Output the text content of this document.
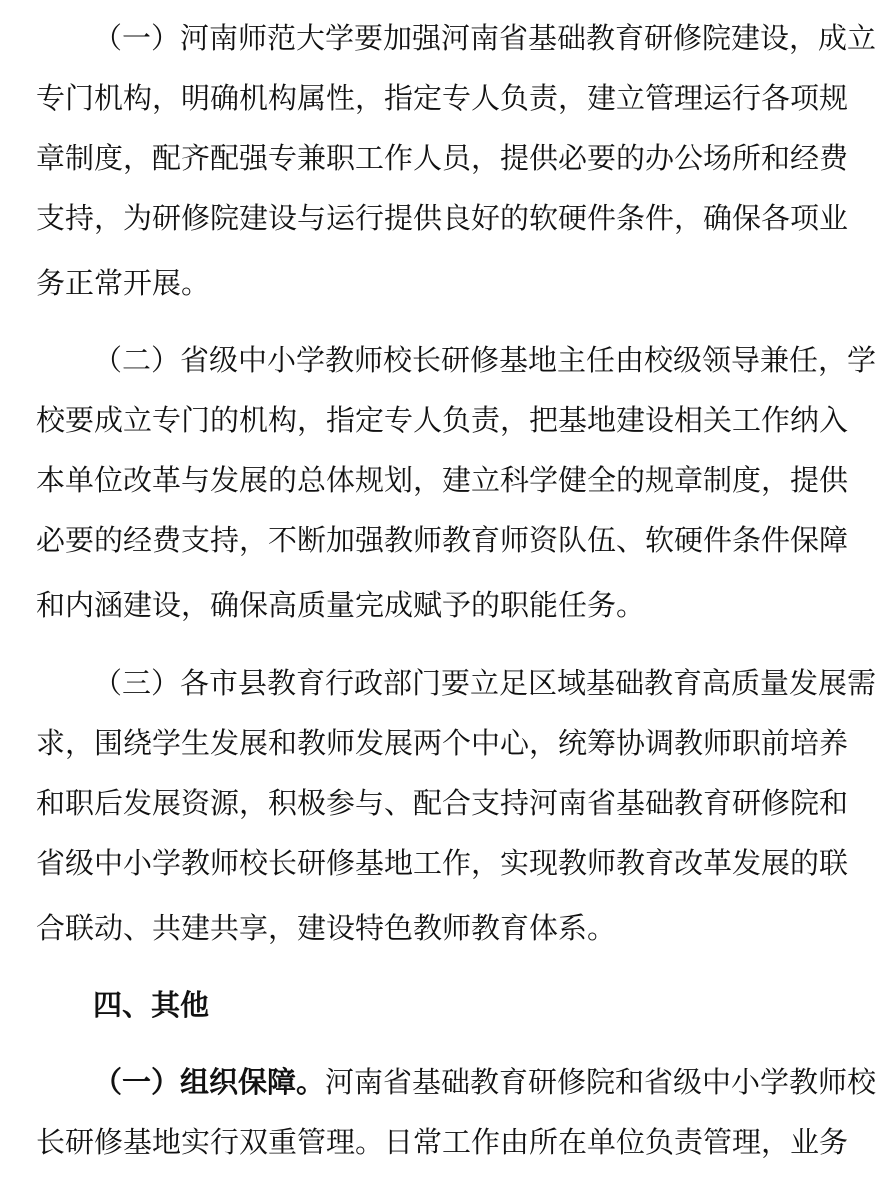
（一）河南师范大学要加强河南省基础教育研修院建设，成立
专门机构，明确机构属性，指定专人负责，建立管理运行各项规
章制度，配齐配强专兼职工作人员，提供必要的办公场所和经费
支持，为研修院建设与运行提供良好的软硬件条件，确保各项业
务正常开展。
（二）省级中小学教师校长研修基地主任由校级领导兼任，学
校要成立专门的机构，指定专人负责，把基地建设相关工作纳入
本单位改革与发展的总体规划，建立科学健全的规章制度，提供
必要的经费支持，不断加强教师教育师资队伍、软硬件条件保障
和内涵建设，确保高质量完成赋予的职能任务。
（三）各市县教育行政部门要立足区域基础教育高质量发展需
求，围绕学生发展和教师发展两个中心，统筹协调教师职前培养
和职后发展资源，积极参与、配合支持河南省基础教育研修院和
省级中小学教师校长研修基地工作，实现教师教育改革发展的联
合联动、共建共享，建设特色教师教育体系。
四、其他
（一）组织保障。河南省基础教育研修院和省级中小学教师校
长研修基地实行双重管理。日常工作由所在单位负责管理，业务
